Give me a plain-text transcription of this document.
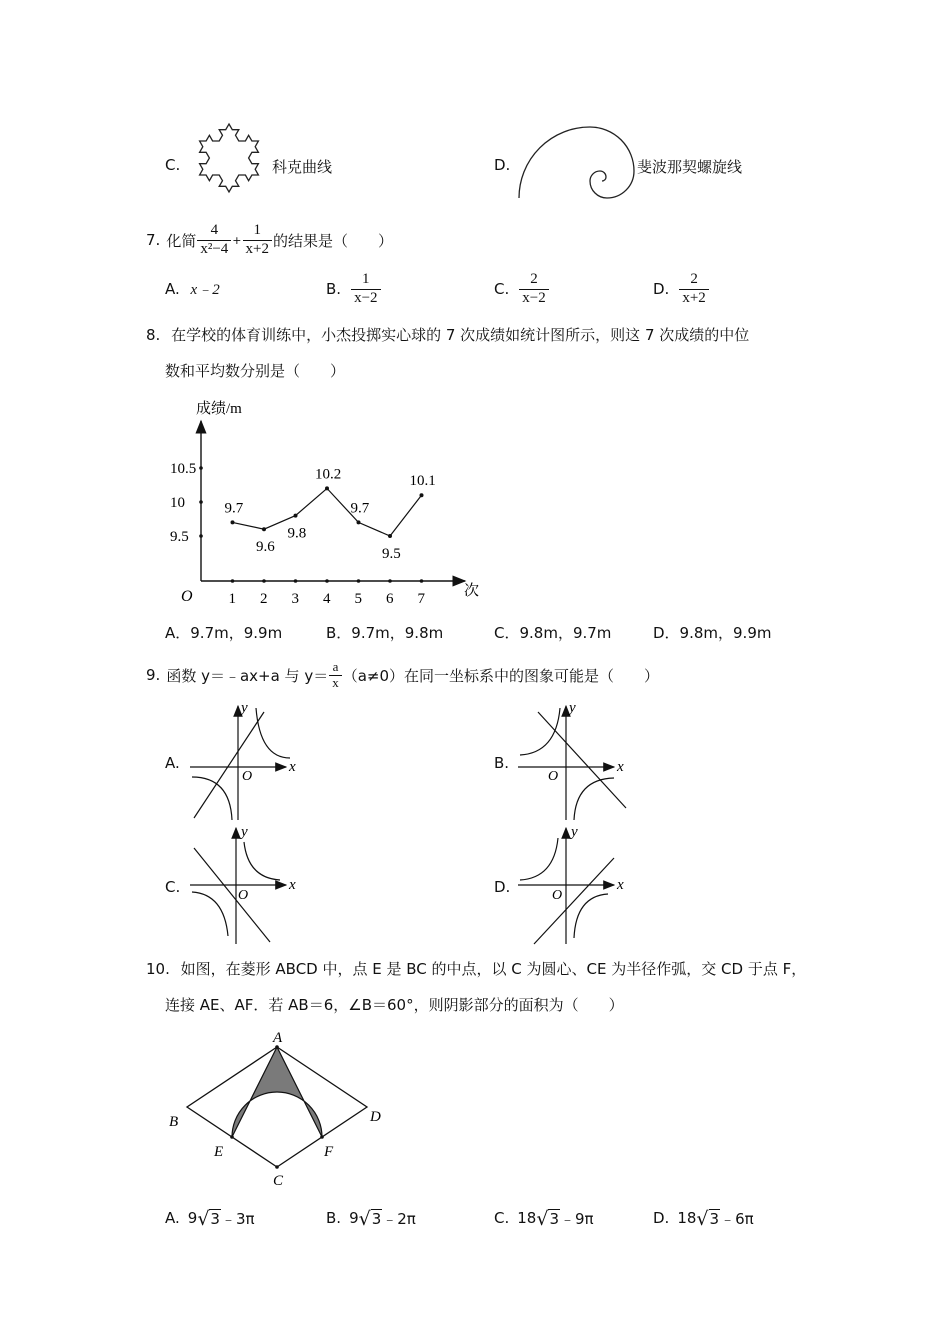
C.	科克曲线	D.	斐波那契螺旋线
7. 化简 $\frac{4}{\text{x²−4}} + \frac{1}{x+2}$ 的结果是（　　）
A. x﹣2	B. $\frac{1}{x-2}$	C. $\frac{2}{x-2}$	D. $\frac{2}{x+2}$
8. 在学校的体育训练中，小杰投掷实心球的 7 次成绩如统计图所示，则这 7 次成绩的中位
数和平均数分别是（　　）
成绩/m
次
O
9.5
10
10.5
1 2 3 4 5 6 7
9.7
9.6
9.8
10.2
9.7
9.5
10.1
A．9.7m，9.9m	B．9.7m，9.8m	C．9.8m，9.7m	D．9.8m，9.9m
9. 函数 y＝﹣ax+a 与 $y= \frac{a}{x} (a\ne 0)$在同一坐标系中的图象可能是（　　）
A.	B.
C.	D.
x
y
O
x
y
O
x
y
O
x
y
O
10. 如图，在菱形 ABCD 中，点 E 是 BC 的中点，以 C 为圆心、CE 为半径作弧，交 CD 于点 F，
连接 AE、AF．若 AB＝6，∠B＝60°，则阴影部分的面积为（　　）
A
B
C
D
E	F
A. 9 √ 3 ﹣3π	B. 9 √ 3 ﹣2π	C. 18 √ 3 ﹣9π	D. 18 √ 3 ﹣6π
